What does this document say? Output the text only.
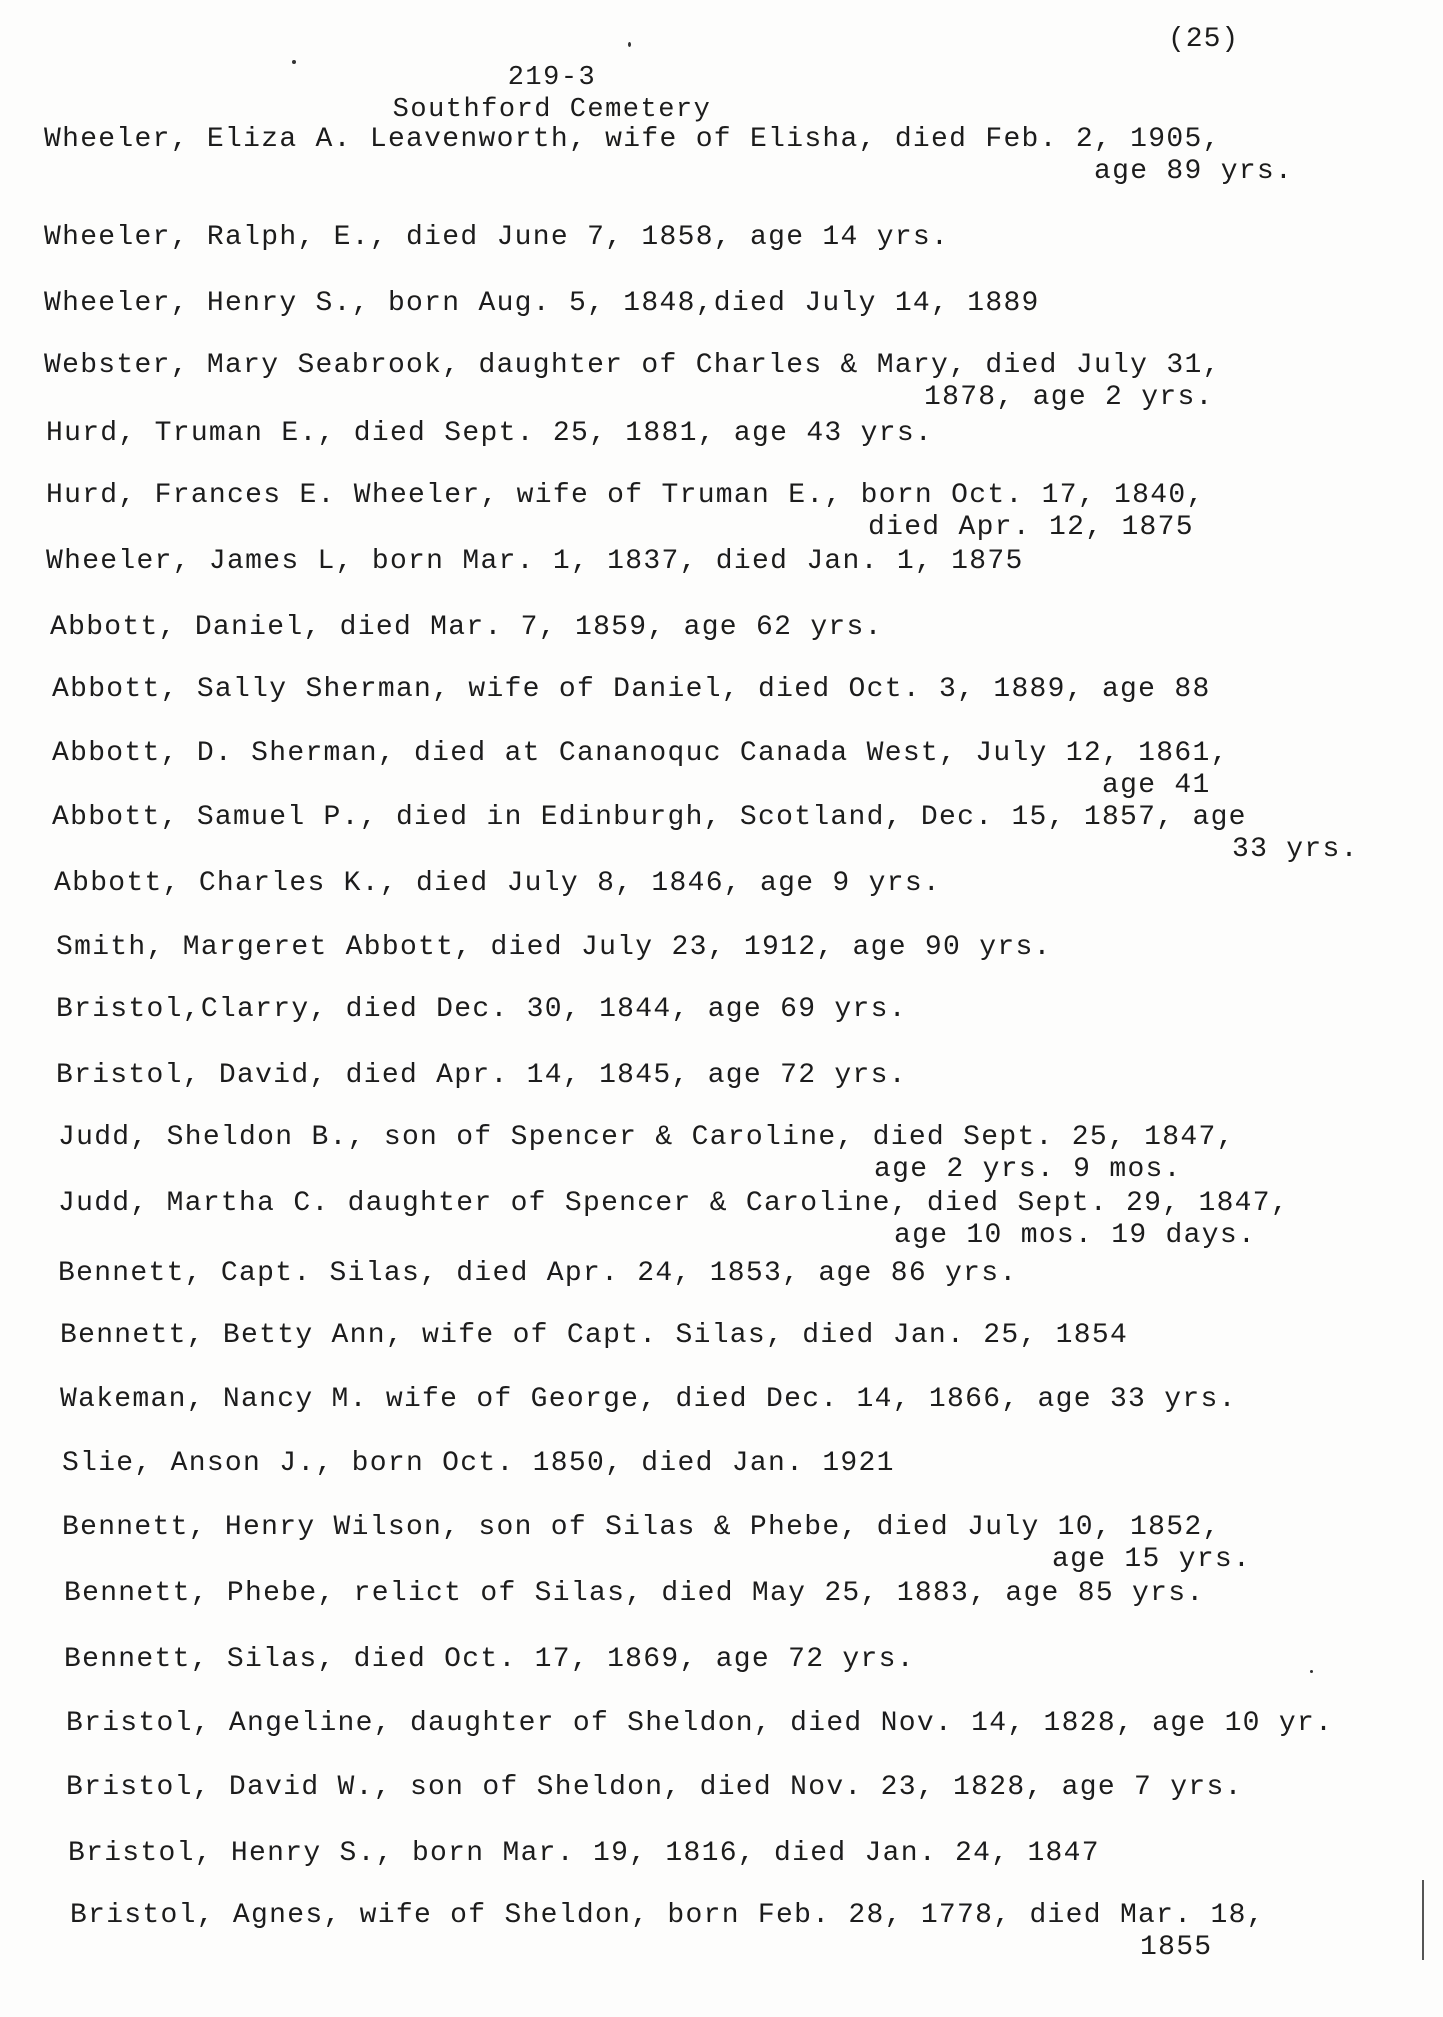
(25)
219-3
Southford Cemetery
Wheeler, Eliza A. Leavenworth, wife of Elisha, died Feb. 2, 1905,
age 89 yrs.
Wheeler, Ralph, E., died June 7, 1858, age 14 yrs.
Wheeler, Henry S., born Aug. 5, 1848,died July 14, 1889
Webster, Mary Seabrook, daughter of Charles & Mary, died July 31,
1878, age 2 yrs.
Hurd, Truman E., died Sept. 25, 1881, age 43 yrs.
Hurd, Frances E. Wheeler, wife of Truman E., born Oct. 17, 1840,
died Apr. 12, 1875
Wheeler, James L, born Mar. 1, 1837, died Jan. 1, 1875
Abbott, Daniel, died Mar. 7, 1859, age 62 yrs.
Abbott, Sally Sherman, wife of Daniel, died Oct. 3, 1889, age 88
Abbott, D. Sherman, died at Cananoquc Canada West, July 12, 1861,
age 41
Abbott, Samuel P., died in Edinburgh, Scotland, Dec. 15, 1857, age
33 yrs.
Abbott, Charles K., died July 8, 1846, age 9 yrs.
Smith, Margeret Abbott, died July 23, 1912, age 90 yrs.
Bristol,Clarry, died Dec. 30, 1844, age 69 yrs.
Bristol, David, died Apr. 14, 1845, age 72 yrs.
Judd, Sheldon B., son of Spencer & Caroline, died Sept. 25, 1847,
age 2 yrs. 9 mos.
Judd, Martha C. daughter of Spencer & Caroline, died Sept. 29, 1847,
age 10 mos. 19 days.
Bennett, Capt. Silas, died Apr. 24, 1853, age 86 yrs.
Bennett, Betty Ann, wife of Capt. Silas, died Jan. 25, 1854
Wakeman, Nancy M. wife of George, died Dec. 14, 1866, age 33 yrs.
Slie, Anson J., born Oct. 1850, died Jan. 1921
Bennett, Henry Wilson, son of Silas & Phebe, died July 10, 1852,
age 15 yrs.
Bennett, Phebe, relict of Silas, died May 25, 1883, age 85 yrs.
Bennett, Silas, died Oct. 17, 1869, age 72 yrs.
Bristol, Angeline, daughter of Sheldon, died Nov. 14, 1828, age 10 yr.
Bristol, David W., son of Sheldon, died Nov. 23, 1828, age 7 yrs.
Bristol, Henry S., born Mar. 19, 1816, died Jan. 24, 1847
Bristol, Agnes, wife of Sheldon, born Feb. 28, 1778, died Mar. 18,
1855
